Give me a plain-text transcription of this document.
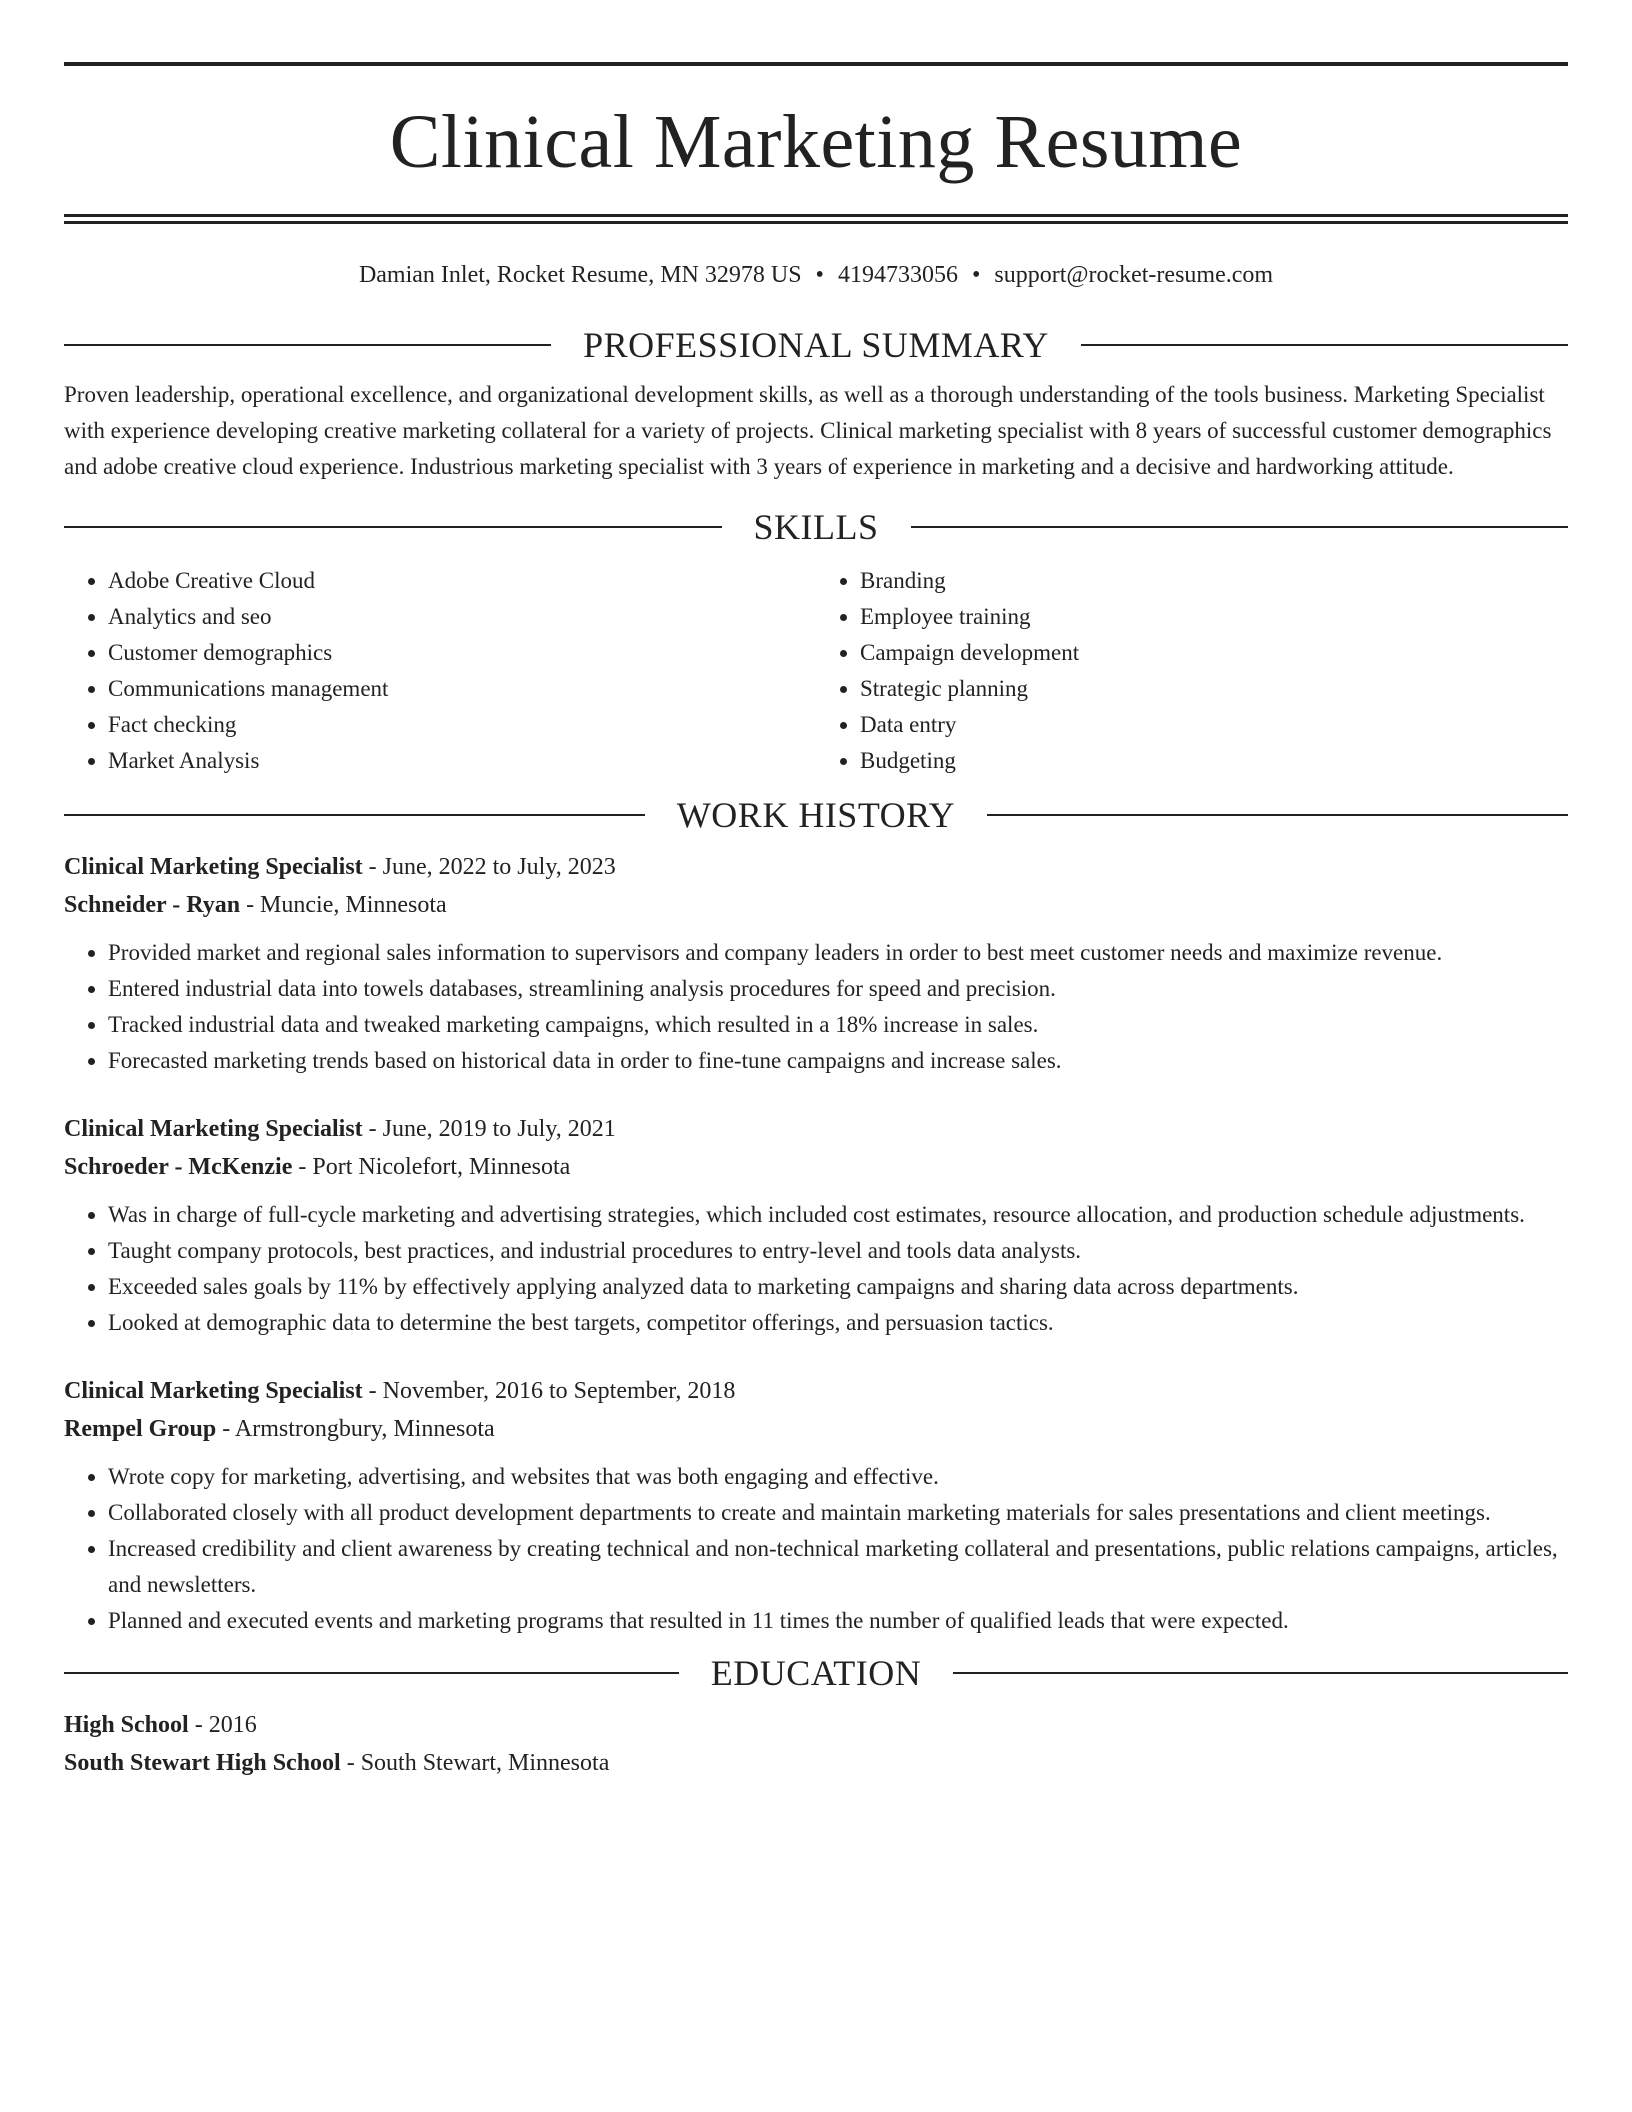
Clinical Marketing Resume
Damian Inlet, Rocket Resume, MN 32978 US • 4194733056 • support@rocket-resume.com
PROFESSIONAL SUMMARY

Proven leadership, operational excellence, and organizational development skills, as well as a thorough understanding of the tools business. Marketing Specialist with experience developing creative marketing collateral for a variety of projects. Clinical marketing specialist with 8 years of successful customer demographics and adobe creative cloud experience. Industrious marketing specialist with 3 years of experience in marketing and a decisive and hardworking attitude.

SKILLS
• Adobe Creative Cloud
• Analytics and seo
• Customer demographics
• Communications management
• Fact checking
• Market Analysis
• Branding
• Employee training
• Campaign development
• Strategic planning
• Data entry
• Budgeting
WORK HISTORY
Clinical Marketing Specialist - June, 2022 to July, 2023
Schneider - Ryan - Muncie, Minnesota
• Provided market and regional sales information to supervisors and company leaders in order to best meet customer needs and maximize revenue.
• Entered industrial data into towels databases, streamlining analysis procedures for speed and precision.
• Tracked industrial data and tweaked marketing campaigns, which resulted in a 18% increase in sales.
• Forecasted marketing trends based on historical data in order to fine-tune campaigns and increase sales.
Clinical Marketing Specialist - June, 2019 to July, 2021
Schroeder - McKenzie - Port Nicolefort, Minnesota
• Was in charge of full-cycle marketing and advertising strategies, which included cost estimates, resource allocation, and production schedule adjustments.
• Taught company protocols, best practices, and industrial procedures to entry-level and tools data analysts.
• Exceeded sales goals by 11% by effectively applying analyzed data to marketing campaigns and sharing data across departments.
• Looked at demographic data to determine the best targets, competitor offerings, and persuasion tactics.
Clinical Marketing Specialist - November, 2016 to September, 2018
Rempel Group - Armstrongbury, Minnesota
• Wrote copy for marketing, advertising, and websites that was both engaging and effective.
• Collaborated closely with all product development departments to create and maintain marketing materials for sales presentations and client meetings.
• Increased credibility and client awareness by creating technical and non-technical marketing collateral and presentations, public relations campaigns, articles, and newsletters.
• Planned and executed events and marketing programs that resulted in 11 times the number of qualified leads that were expected.
EDUCATION
High School - 2016
South Stewart High School - South Stewart, Minnesota
